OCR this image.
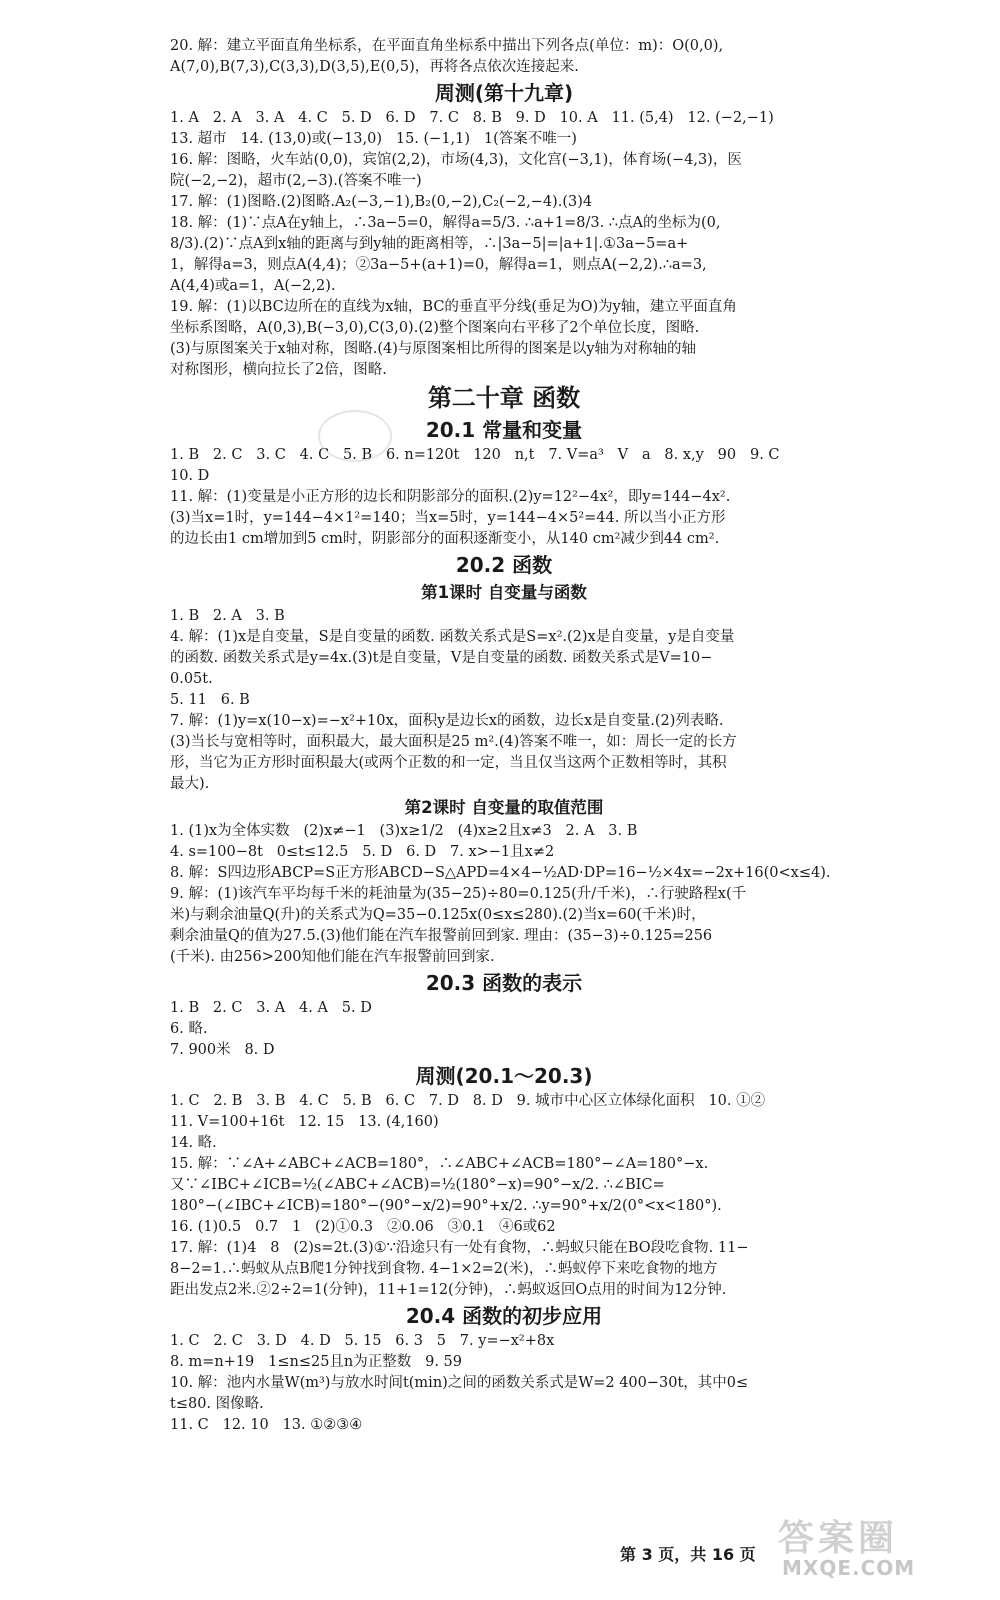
20. 解：建立平面直角坐标系，在平面直角坐标系中描出下列各点(单位：m)：O(0,0),

A(7,0),B(7,3),C(3,3),D(3,5),E(0,5)，再将各点依次连接起来.

周测(第十九章)

1. A   2. A   3. A   4. C   5. D   6. D   7. C   8. B   9. D   10. A   11. (5,4)   12. (−2,−1)

13. 超市   14. (13,0)或(−13,0)   15. (−1,1)   1(答案不唯一)

16. 解：图略，火车站(0,0)，宾馆(2,2)，市场(4,3)，文化宫(−3,1)，体育场(−4,3)，医

院(−2,−2)，超市(2,−3).(答案不唯一)

17. 解：(1)图略.(2)图略.A₂(−3,−1),B₂(0,−2),C₂(−2,−4).(3)4

18. 解：(1)∵点A在y轴上，∴3a−5=0，解得a=5/3. ∴a+1=8/3. ∴点A的坐标为(0,

8/3).(2)∵点A到x轴的距离与到y轴的距离相等，∴|3a−5|=|a+1|.①3a−5=a+

1，解得a=3，则点A(4,4)；②3a−5+(a+1)=0，解得a=1，则点A(−2,2).∴a=3,

A(4,4)或a=1，A(−2,2).

19. 解：(1)以BC边所在的直线为x轴，BC的垂直平分线(垂足为O)为y轴，建立平面直角

坐标系图略，A(0,3),B(−3,0),C(3,0).(2)整个图案向右平移了2个单位长度，图略.

(3)与原图案关于x轴对称，图略.(4)与原图案相比所得的图案是以y轴为对称轴的轴

对称图形，横向拉长了2倍，图略.

第二十章 函数
20.1 常量和变量

1. B   2. C   3. C   4. C   5. B   6. n=120t   120   n,t   7. V=a³   V   a   8. x,y   90   9. C

10. D

11. 解：(1)变量是小正方形的边长和阴影部分的面积.(2)y=12²−4x²，即y=144−4x².

(3)当x=1时，y=144−4×1²=140；当x=5时，y=144−4×5²=44. 所以当小正方形

的边长由1 cm增加到5 cm时，阴影部分的面积逐渐变小，从140 cm²减少到44 cm².

20.2 函数
第1课时 自变量与函数

1. B   2. A   3. B

4. 解：(1)x是自变量，S是自变量的函数. 函数关系式是S=x².(2)x是自变量，y是自变量

的函数. 函数关系式是y=4x.(3)t是自变量，V是自变量的函数. 函数关系式是V=10−

0.05t.

5. 11   6. B

7. 解：(1)y=x(10−x)=−x²+10x，面积y是边长x的函数，边长x是自变量.(2)列表略.

(3)当长与宽相等时，面积最大，最大面积是25 m².(4)答案不唯一，如：周长一定的长方

形，当它为正方形时面积最大(或两个正数的和一定，当且仅当这两个正数相等时，其积

最大).

第2课时 自变量的取值范围

1. (1)x为全体实数   (2)x≠−1   (3)x≥1/2   (4)x≥2且x≠3   2. A   3. B

4. s=100−8t   0≤t≤12.5   5. D   6. D   7. x>−1且x≠2

8. 解：S四边形ABCP=S正方形ABCD−S△APD=4×4−½AD·DP=16−½×4x=−2x+16(0<x≤4).

9. 解：(1)该汽车平均每千米的耗油量为(35−25)÷80=0.125(升/千米)，∴行驶路程x(千

米)与剩余油量Q(升)的关系式为Q=35−0.125x(0≤x≤280).(2)当x=60(千米)时，

剩余油量Q的值为27.5.(3)他们能在汽车报警前回到家. 理由：(35−3)÷0.125=256

(千米). 由256>200知他们能在汽车报警前回到家.

20.3 函数的表示

1. B   2. C   3. A   4. A   5. D

6. 略.

7. 900米   8. D

周测(20.1～20.3)

1. C   2. B   3. B   4. C   5. B   6. C   7. D   8. D   9. 城市中心区立体绿化面积   10. ①②

11. V=100+16t   12. 15   13. (4,160)

14. 略.

15. 解：∵∠A+∠ABC+∠ACB=180°，∴∠ABC+∠ACB=180°−∠A=180°−x.

又∵∠IBC+∠ICB=½(∠ABC+∠ACB)=½(180°−x)=90°−x/2. ∴∠BIC=

180°−(∠IBC+∠ICB)=180°−(90°−x/2)=90°+x/2. ∴y=90°+x/2(0°<x<180°).

16. (1)0.5   0.7   1   (2)①0.3   ②0.06   ③0.1   ④6或62

17. 解：(1)4   8   (2)s=2t.(3)①∵沿途只有一处有食物，∴蚂蚁只能在BO段吃食物. 11−

8−2=1.∴蚂蚁从点B爬1分钟找到食物. 4−1×2=2(米)，∴蚂蚁停下来吃食物的地方

距出发点2米.②2÷2=1(分钟)，11+1=12(分钟)，∴蚂蚁返回O点用的时间为12分钟.

20.4 函数的初步应用

1. C   2. C   3. D   4. D   5. 15   6. 3   5   7. y=−x²+8x

8. m=n+19   1≤n≤25且n为正整数   9. 59

10. 解：池内水量W(m³)与放水时间t(min)之间的函数关系式是W=2 400−30t，其中0≤

t≤80. 图像略.

11. C   12. 10   13. ①②③④

第 3 页，共 16 页 答案圈
MXQE.COM
